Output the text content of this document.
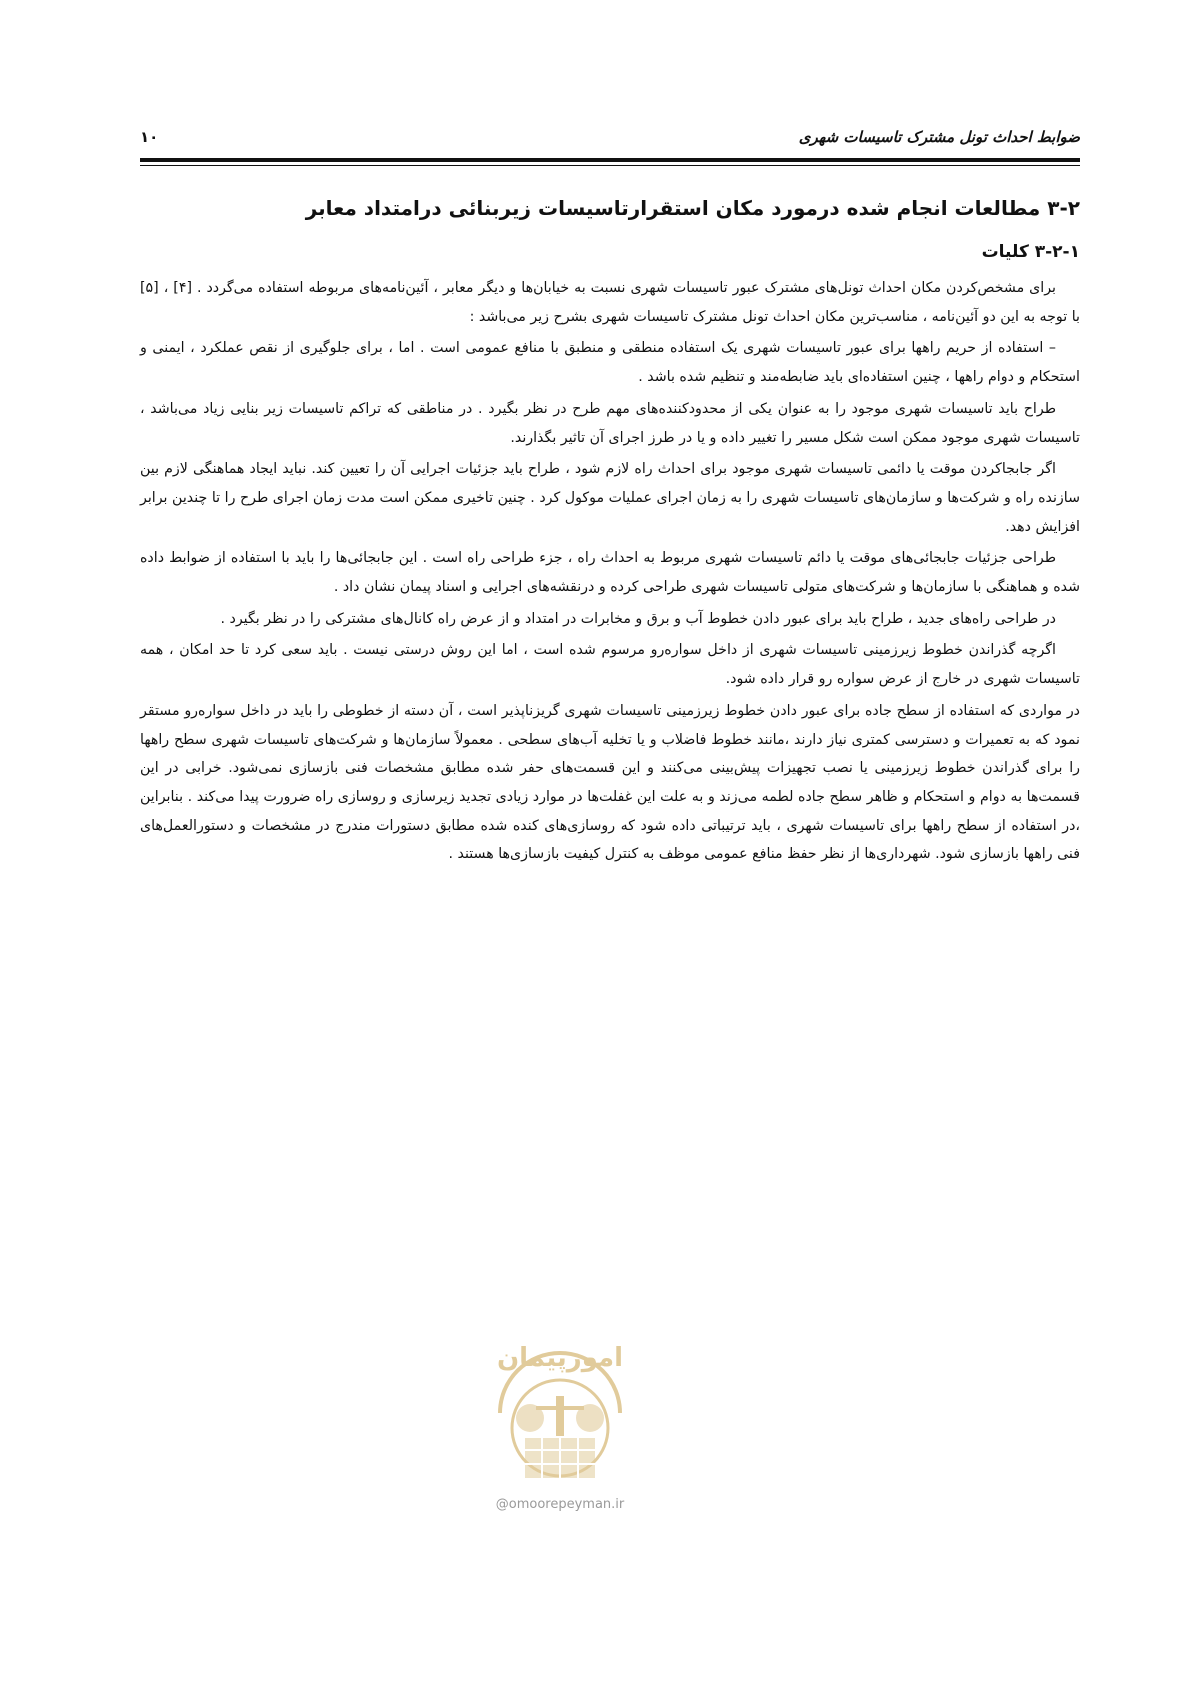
ضوابط احداث تونل مشترک تاسیسات شهری
۱۰
۳-۲ مطالعات انجام شده درمورد مکان استقرارتاسیسات زیربنائی درامتداد معابر
۳-۲-۱ کلیات

برای مشخص‌کردن مکان احداث تونل‌های مشترک عبور تاسیسات شهری نسبت به خیابان‌ها و دیگر معابر ، آئین‌نامه‌های مربوطه استفاده می‌گردد . [۴] ، [۵] با توجه به این دو آئین‌نامه ، مناسب‌ترین مکان احداث تونل مشترک تاسیسات شهری بشرح زیر می‌باشد :

– استفاده از حریم راهها برای عبور تاسیسات شهری یک استفاده منطقی و منطبق با منافع عمومی است . اما ، برای جلوگیری از نقص عملکرد ، ایمنی و استحکام و دوام راهها ، چنین استفاده‌ای باید ضابطه‌مند و تنظیم شده باشد .

طراح باید تاسیسات شهری موجود را به عنوان یکی از محدودکننده‌های مهم طرح در نظر بگیرد . در مناطقی که تراکم تاسیسات زیر بنایی زیاد می‌باشد ، تاسیسات شهری موجود ممکن است شکل مسیر را تغییر داده و یا در طرز اجرای آن تاثیر بگذارند.

اگر جابجاکردن موقت یا دائمی تاسیسات شهری موجود برای احداث راه لازم شود ، طراح باید جزئیات اجرایی آن را تعیین کند. نباید ایجاد هماهنگی لازم بین سازنده راه و شرکت‌ها و سازمان‌های تاسیسات شهری را به زمان اجرای عملیات موکول کرد . چنین تاخیری ممکن است مدت زمان اجرای طرح را تا چندین برابر افزایش دهد.

طراحی جزئیات جابجائی‌های موقت یا دائم تاسیسات شهری مربوط به احداث راه ، جزء طراحی راه است . این جابجائی‌ها را باید با استفاده از ضوابط داده شده و هماهنگی با سازمان‌ها و شرکت‌های متولی تاسیسات شهری طراحی کرده و درنقشه‌های اجرایی و اسناد پیمان نشان داد .

در طراحی راه‌های جدید ، طراح باید برای عبور دادن خطوط آب و برق و مخابرات در امتداد و از عرض راه کانال‌های مشترکی را در نظر بگیرد .

اگرچه گذراندن خطوط زیرزمینی تاسیسات شهری از داخل سواره‌رو مرسوم شده است ، اما این روش درستی نیست . باید سعی کرد تا حد امکان ، همه تاسیسات شهری در خارج از عرض سواره رو قرار داده شود.

در مواردی که استفاده از سطح جاده برای عبور دادن خطوط زیرزمینی تاسیسات شهری گریزناپذیر است ، آن دسته از خطوطی را باید در داخل سواره‌رو مستقر نمود که به تعمیرات و دسترسی کمتری نیاز دارند ،مانند خطوط فاضلاب و یا تخلیه آب‌های سطحی . معمولاً سازمان‌ها و شرکت‌های تاسیسات شهری سطح راهها را برای گذراندن خطوط زیرزمینی یا نصب تجهیزات پیش‌بینی می‌کنند و این قسمت‌های حفر شده مطابق مشخصات فنی بازسازی نمی‌شود. خرابی در این قسمت‌ها به دوام و استحکام و ظاهر سطح جاده لطمه می‌زند و به علت این غفلت‌ها در موارد زیادی تجدید زیرسازی و روسازی راه ضرورت پیدا می‌کند . بنابراین ،در استفاده از سطح راهها برای تاسیسات شهری ، باید ترتیباتی داده شود که روسازی‌های کنده شده مطابق دستورات مندرج در مشخصات و دستورالعمل‌های فنی راهها بازسازی شود. شهرداری‌ها از نظر حفظ منافع عمومی موظف به کنترل کیفیت بازسازی‌ها هستند .

امورپیمان
@omoorepeyman.ir
